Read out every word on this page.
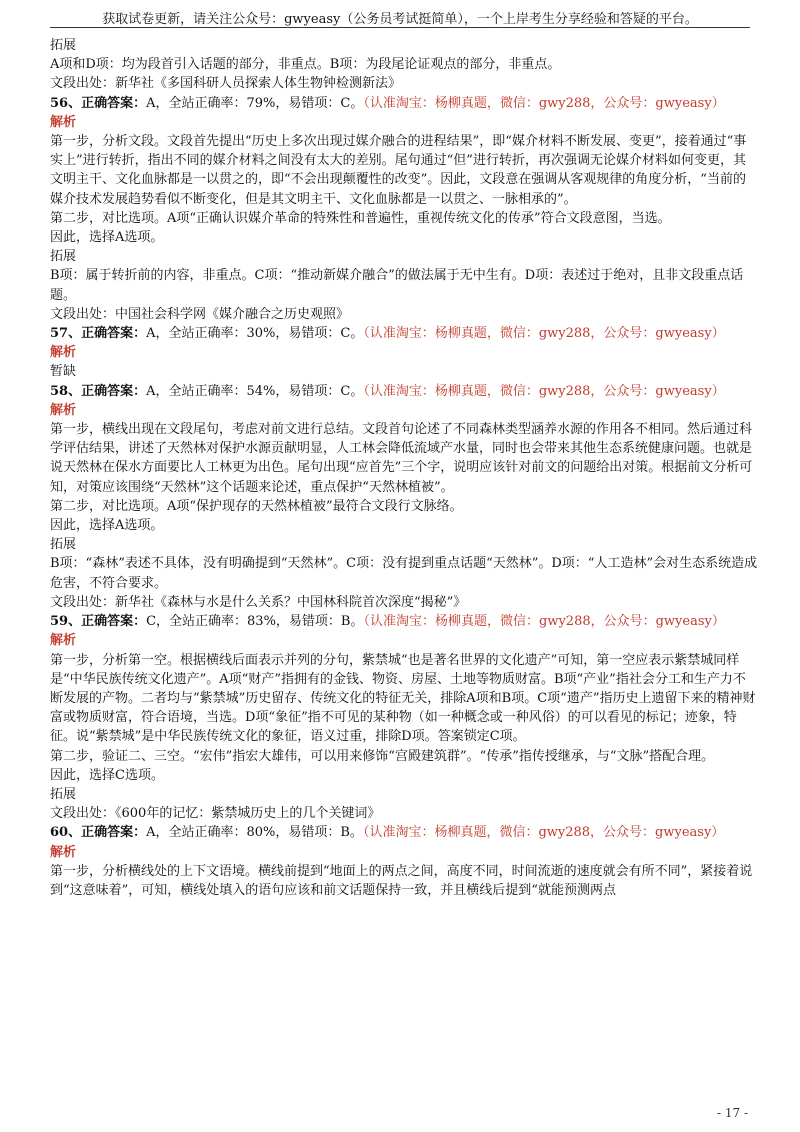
获取试卷更新，请关注公众号：gwyeasy（公务员考试挺简单），一个上岸考生分享经验和答疑的平台。

拓展

A项和D项：均为段首引入话题的部分，非重点。B项：为段尾论证观点的部分，非重点。

文段出处：新华社《多国科研人员探索人体生物钟检测新法》

56、正确答案：A，全站正确率：79%，易错项：C。（认准淘宝：杨柳真题，微信：gwy288，公众号：gwyeasy）

解析

第一步，分析文段。文段首先提出“历史上多次出现过媒介融合的进程结果”，即“媒介材料不断发展、变更”，接着通过“事实上”进行转折，指出不同的媒介材料之间没有太大的差别。尾句通过“但”进行转折，再次强调无论媒介材料如何变更，其文明主干、文化血脉都是一以贯之的，即“不会出现颠覆性的改变”。因此，文段意在强调从客观规律的角度分析，“当前的媒介技术发展趋势看似不断变化，但是其文明主干、文化血脉都是一以贯之、一脉相承的”。

第二步，对比选项。A项“正确认识媒介革命的特殊性和普遍性，重视传统文化的传承”符合文段意图，当选。

因此，选择A选项。

拓展

B项：属于转折前的内容，非重点。C项：“推动新媒介融合”的做法属于无中生有。D项：表述过于绝对，且非文段重点话题。

文段出处：中国社会科学网《媒介融合之历史观照》

57、正确答案：A，全站正确率：30%，易错项：C。（认准淘宝：杨柳真题，微信：gwy288，公众号：gwyeasy）

解析

暂缺

58、正确答案：A，全站正确率：54%，易错项：C。（认准淘宝：杨柳真题，微信：gwy288，公众号：gwyeasy）

解析

第一步，横线出现在文段尾句，考虑对前文进行总结。文段首句论述了不同森林类型涵养水源的作用各不相同。然后通过科学评估结果，讲述了天然林对保护水源贡献明显，人工林会降低流域产水量，同时也会带来其他生态系统健康问题。也就是说天然林在保水方面要比人工林更为出色。尾句出现“应首先”三个字，说明应该针对前文的问题给出对策。根据前文分析可知，对策应该围绕“天然林”这个话题来论述，重点保护“天然林植被”。

第二步，对比选项。A项“保护现存的天然林植被”最符合文段行文脉络。

因此，选择A选项。

拓展

B项：“森林”表述不具体，没有明确提到“天然林”。C项：没有提到重点话题“天然林”。D项：“人工造林”会对生态系统造成危害，不符合要求。

文段出处：新华社《森林与水是什么关系？中国林科院首次深度“揭秘”》

59、正确答案：C，全站正确率：83%，易错项：B。（认准淘宝：杨柳真题，微信：gwy288，公众号：gwyeasy）

解析

第一步，分析第一空。根据横线后面表示并列的分句，紫禁城“也是著名世界的文化遗产”可知，第一空应表示紫禁城同样是“中华民族传统文化遗产”。A项“财产”指拥有的金钱、物资、房屋、土地等物质财富。B项“产业”指社会分工和生产力不断发展的产物。二者均与“紫禁城”历史留存、传统文化的特征无关，排除A项和B项。C项“遗产”指历史上遗留下来的精神财富或物质财富，符合语境，当选。D项“象征”指不可见的某种物（如一种概念或一种风俗）的可以看见的标记；迹象，特征。说“紫禁城”是中华民族传统文化的象征，语义过重，排除D项。答案锁定C项。

第二步，验证二、三空。“宏伟”指宏大雄伟，可以用来修饰“宫殿建筑群”。“传承”指传授继承，与“文脉”搭配合理。

因此，选择C选项。

拓展

文段出处：《600年的记忆：紫禁城历史上的几个关键词》

60、正确答案：A，全站正确率：80%，易错项：B。（认准淘宝：杨柳真题，微信：gwy288，公众号：gwyeasy）

解析

第一步，分析横线处的上下文语境。横线前提到“地面上的两点之间，高度不同，时间流逝的速度就会有所不同”，紧接着说到“这意味着”，可知，横线处填入的语句应该和前文话题保持一致，并且横线后提到“就能预测两点

- 17 -
